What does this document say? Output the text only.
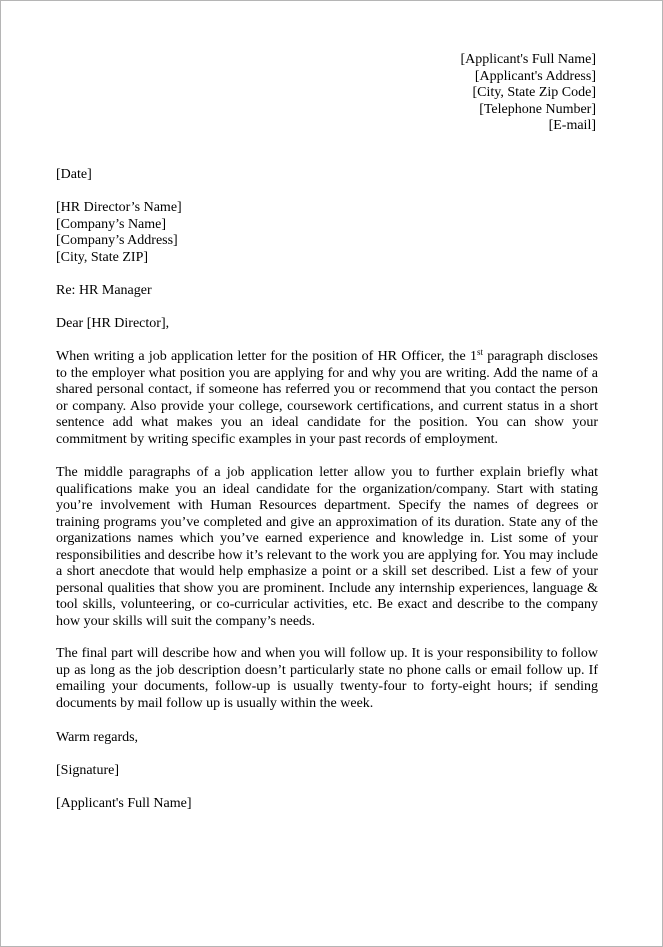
[Applicant's Full Name]
[Applicant's Address]
[City, State Zip Code]
[Telephone Number]
[E-mail]
[Date]
[HR Director’s Name]
[Company’s Name]
[Company’s Address]
[City, State ZIP]
Re: HR Manager
Dear [HR Director],

When writing a job application letter for the position of HR Officer, the 1st paragraph discloses to the employer what position you are applying for and why you are writing. Add the name of a shared personal contact, if someone has referred you or recommend that you contact the person or company. Also provide your college, coursework certifications, and current status in a short sentence add what makes you an ideal candidate for the position. You can show your commitment by writing specific examples in your past records of employment.

The middle paragraphs of a job application letter allow you to further explain briefly what qualifications make you an ideal candidate for the organization/company. Start with stating you’re involvement with Human Resources department. Specify the names of degrees or training programs you’ve completed and give an approximation of its duration. State any of the organizations names which you’ve earned experience and knowledge in. List some of your responsibilities and describe how it’s relevant to the work you are applying for. You may include a short anecdote that would help emphasize a point or a skill set described. List a few of your personal qualities that show you are prominent. Include any internship experiences, language & tool skills, volunteering, or co-curricular activities, etc. Be exact and describe to the company how your skills will suit the company’s needs.

The final part will describe how and when you will follow up. It is your responsibility to follow up as long as the job description doesn’t particularly state no phone calls or email follow up. If emailing your documents, follow-up is usually twenty-four to forty-eight hours; if sending documents by mail follow up is usually within the week.

Warm regards,
[Signature]
[Applicant's Full Name]
